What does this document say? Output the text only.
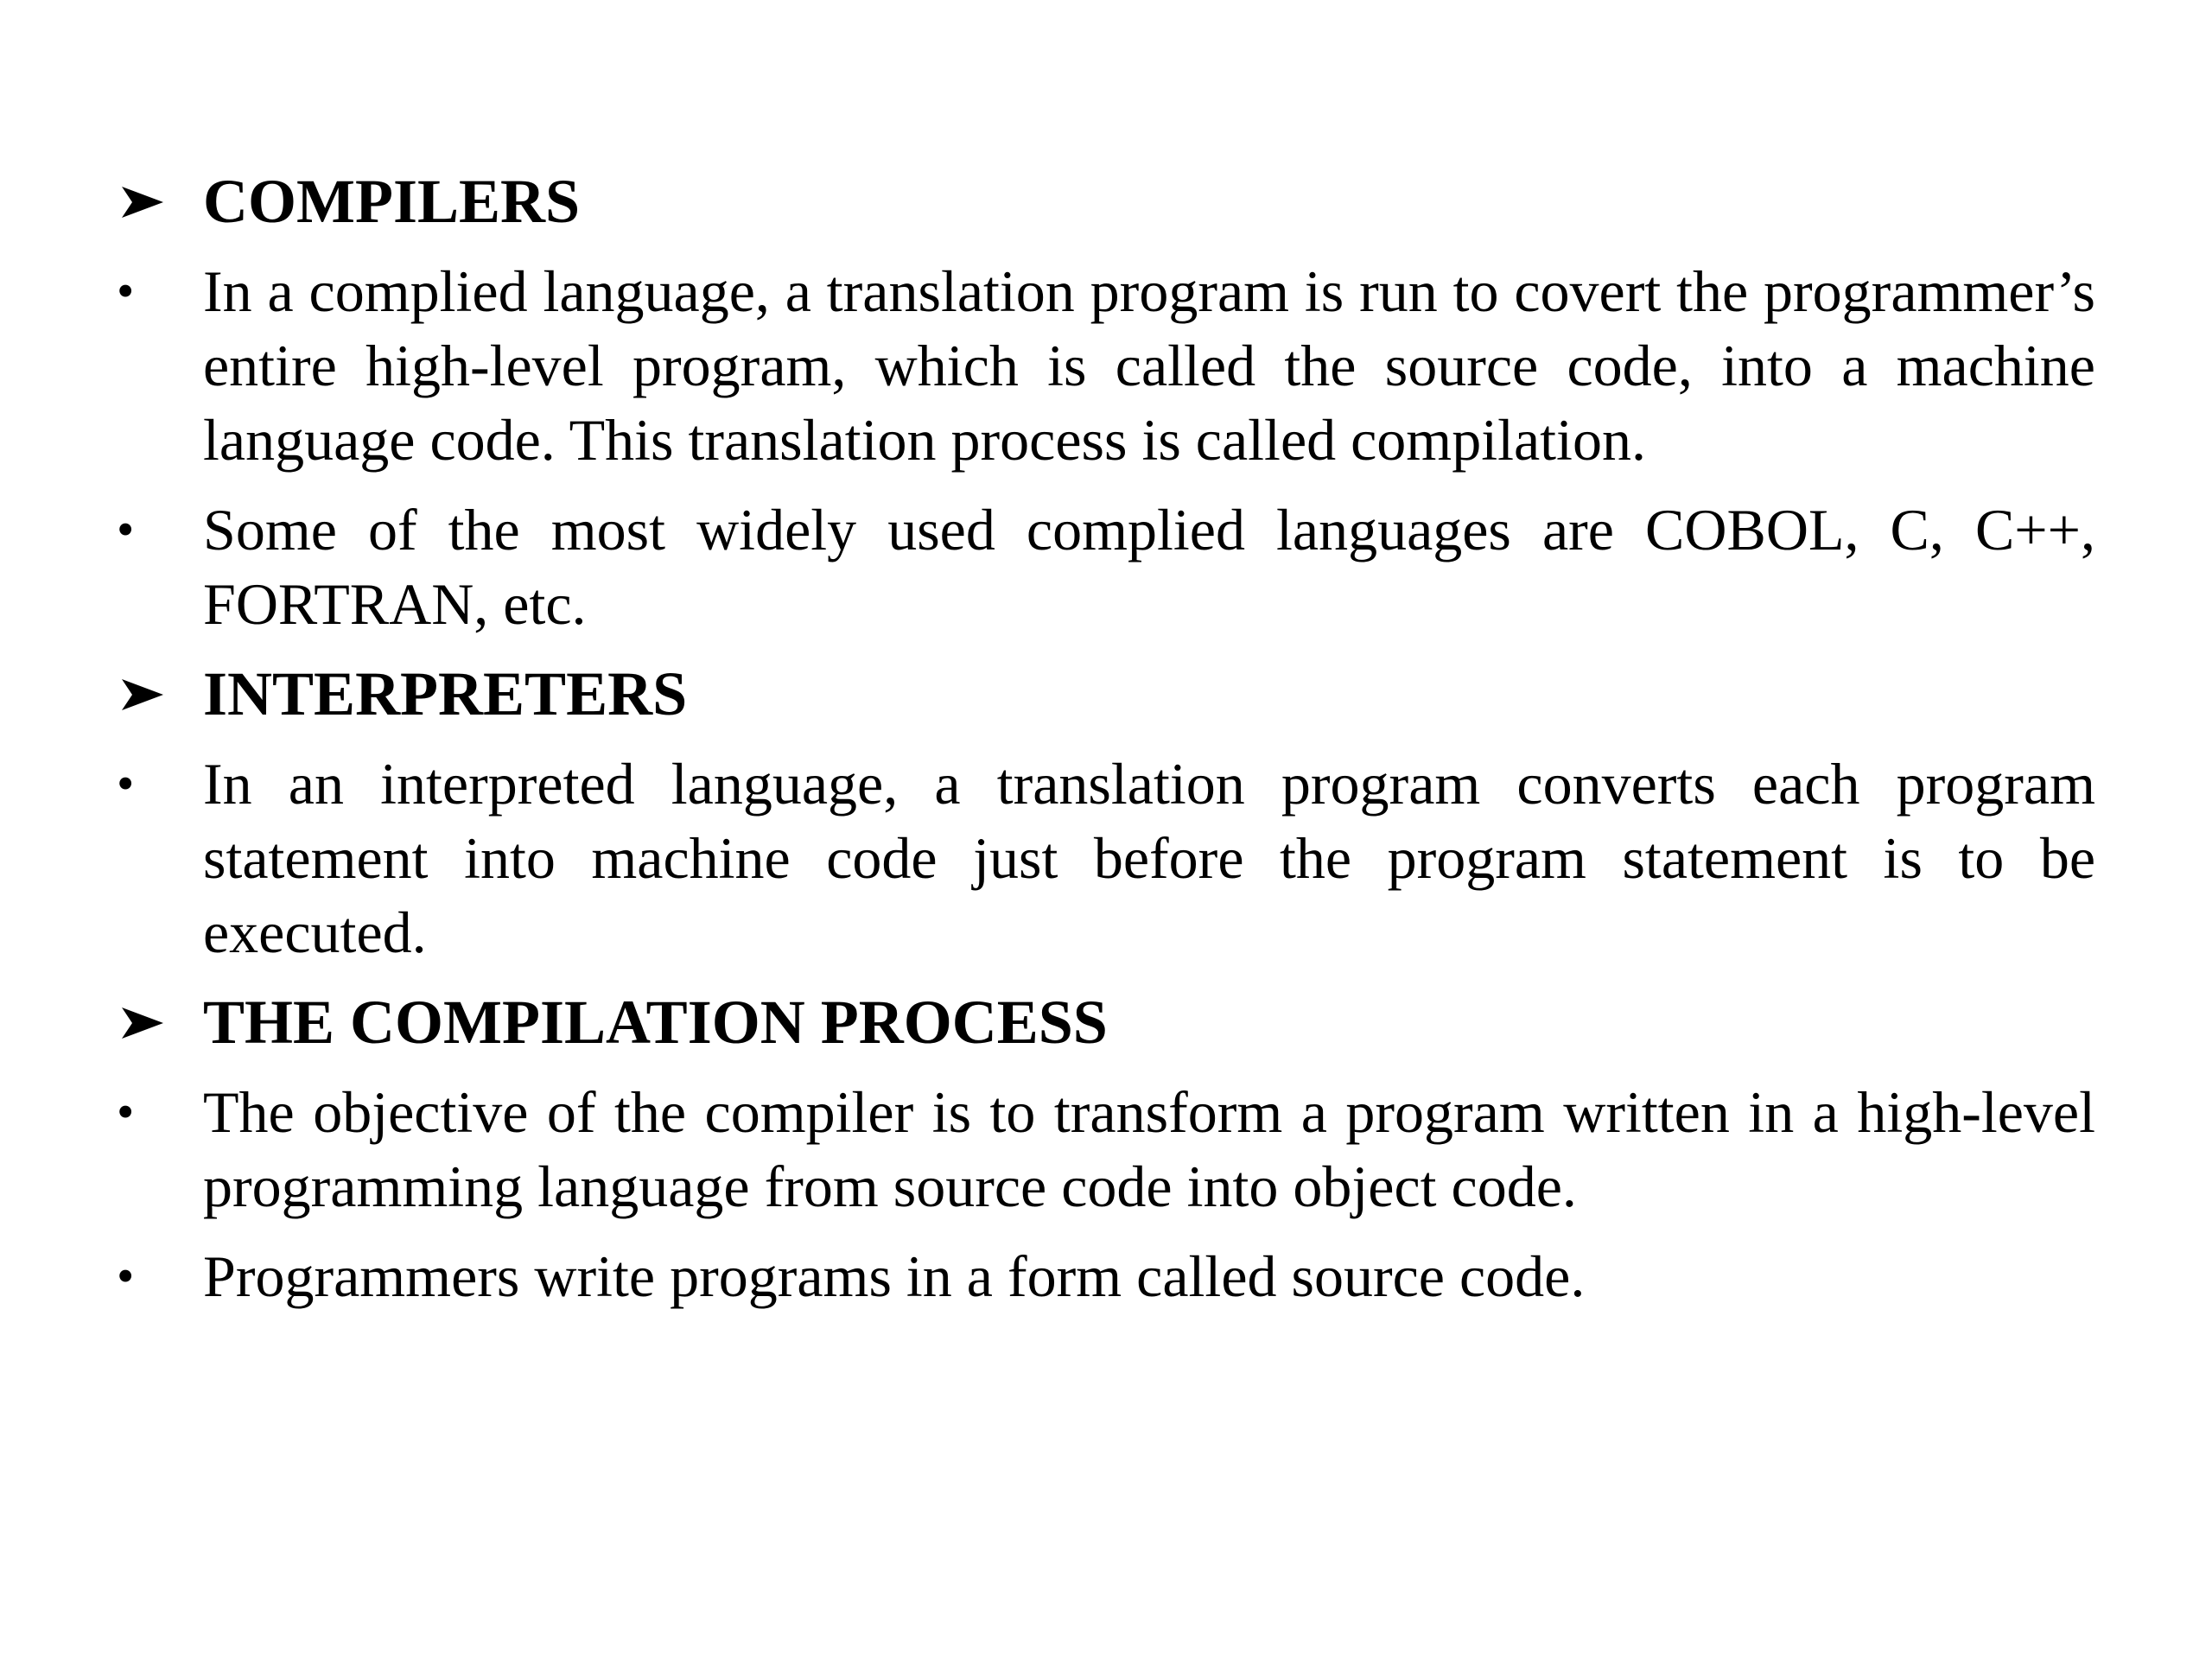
COMPILERS
• In a complied language, a translation program is run to covert the programmer’s entire high-level program, which is called the source code, into a machine language code. This translation process is called compilation.
• Some of the most widely used complied languages are COBOL, C, C++, FORTRAN, etc.
INTERPRETERS
• In an interpreted language, a translation program converts each program statement into machine code just before the program statement is to be executed.
THE COMPILATION PROCESS
• The objective of the compiler is to transform a program written in a high-level programming language from source code into object code.
• Programmers write programs in a form called source code.
